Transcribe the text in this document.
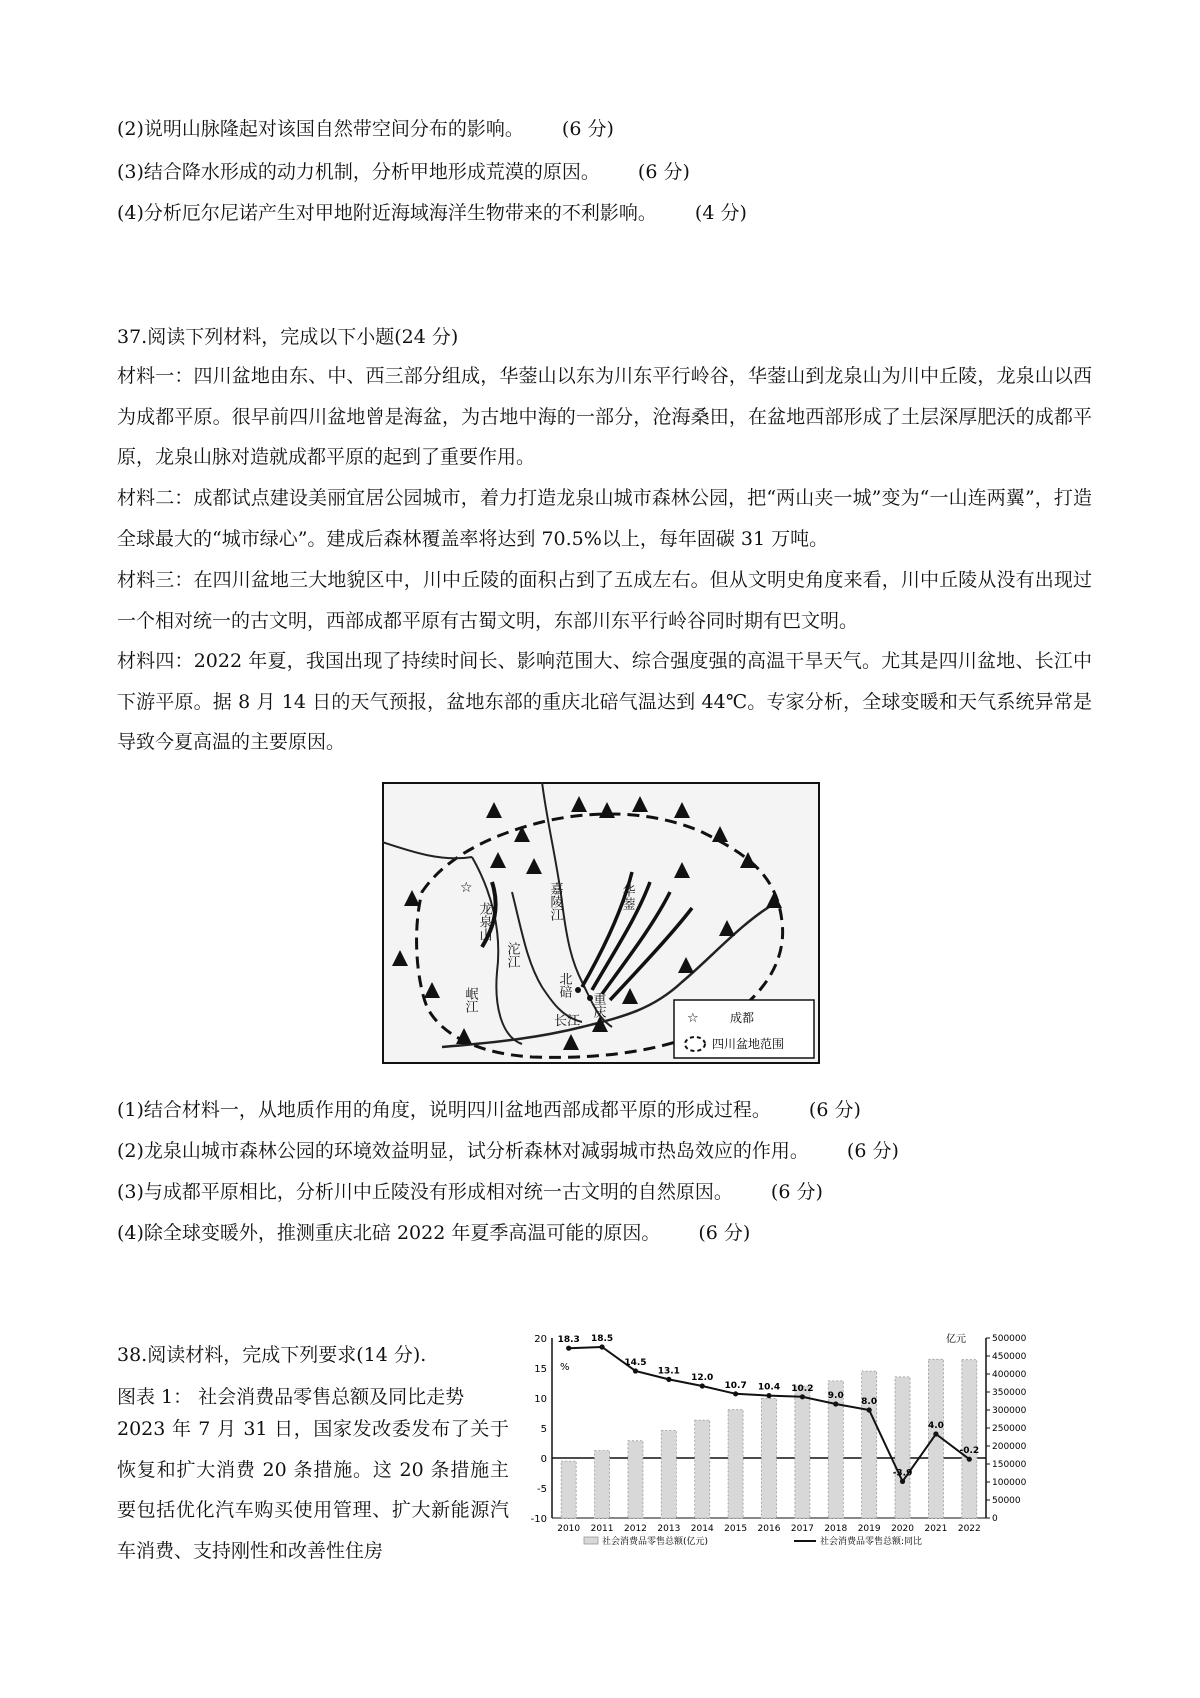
(2)说明山脉隆起对该国自然带空间分布的影响。 (6 分)
(3)结合降水形成的动力机制，分析甲地形成荒漠的原因。 (6 分)
(4)分析厄尔尼诺产生对甲地附近海域海洋生物带来的不利影响。 (4 分)
37.阅读下列材料，完成以下小题(24 分)
材料一：四川盆地由东、中、西三部分组成，华蓥山以东为川东平行岭谷，华蓥山到龙泉山为川中丘陵，龙泉山以西为成都平原。很早前四川盆地曾是海盆，为古地中海的一部分，沧海桑田，在盆地西部形成了土层深厚肥沃的成都平原，龙泉山脉对造就成都平原的起到了重要作用。
材料二：成都试点建设美丽宜居公园城市，着力打造龙泉山城市森林公园，把“两山夹一城”变为“一山连两翼”，打造全球最大的“城市绿心”。建成后森林覆盖率将达到 70.5%以上，每年固碳 31 万吨。
材料三：在四川盆地三大地貌区中，川中丘陵的面积占到了五成左右。但从文明史角度来看，川中丘陵从没有出现过一个相对统一的古文明，西部成都平原有古蜀文明，东部川东平行岭谷同时期有巴文明。
材料四：2022 年夏，我国出现了持续时间长、影响范围大、综合强度强的高温干旱天气。尤其是四川盆地、长江中下游平原。据 8 月 14 日的天气预报，盆地东部的重庆北碚气温达到 44℃。专家分析，全球变暖和天气系统异常是导致今夏高温的主要原因。
☆	嘉陵江
沱江
岷江
长江
龙泉山
华蓥
北碚
重庆
☆	成都
四川盆地范围
(1)结合材料一，从地质作用的角度，说明四川盆地西部成都平原的形成过程。 (6 分)
(2)龙泉山城市森林公园的环境效益明显，试分析森林对减弱城市热岛效应的作用。 (6 分)
(3)与成都平原相比，分析川中丘陵没有形成相对统一古文明的自然原因。 (6 分)
(4)除全球变暖外，推测重庆北碚 2022 年夏季高温可能的原因。 (6 分)
38.阅读材料，完成下列要求(14 分).
图表 1： 社会消费品零售总额及同比走势
2023 年 7 月 31 日，国家发改委发布了关于恢复和扩大消费 20 条措施。这 20 条措施主要包括优化汽车购买使用管理、扩大新能源汽车消费、支持刚性和改善性住房
20
15
10
5
0
-5
-10
%
500000
450000
400000
350000
300000
250000
200000
150000
100000
50000
0
亿元
18.3 18.5
14.5
13.1
12.0
10.7 10.4 10.2
9.0
8.0
-3.9
4.0
-0.2
2010 2011 2012 2013 2014 2015 2016 2017 2018 2019 2020 2021 2022
社会消费品零售总额(亿元)	社会消费品零售总额:同比
